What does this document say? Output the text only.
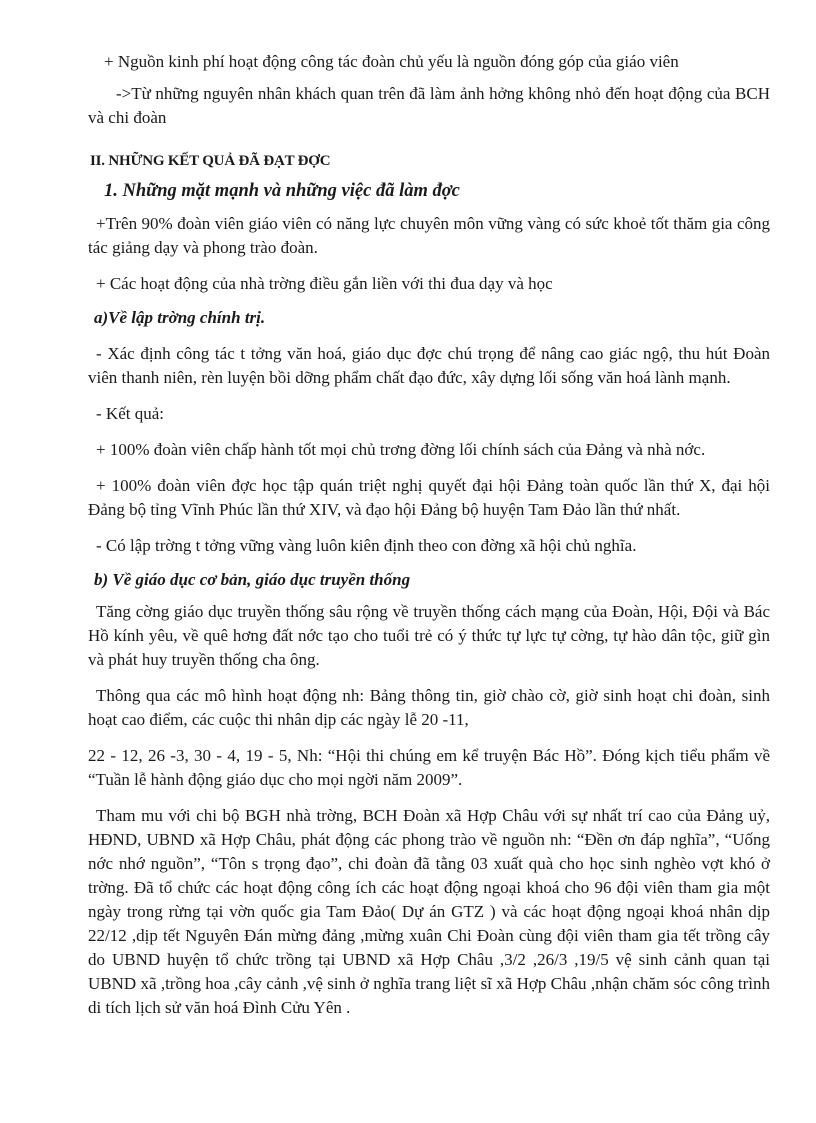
+ Nguồn kinh phí hoạt động công tác đoàn chủ yếu là nguồn đóng góp của giáo viên

->Từ những nguyên nhân khách quan trên đã làm ảnh hởng không nhỏ đến hoạt động của BCH và chi đoàn

II. NHỮNG KẾT QUẢ ĐÃ ĐẠT ĐỢC

1. Những mặt mạnh và những việc đã làm đợc

+Trên 90% đoàn viên giáo viên có năng lực chuyên môn vững vàng có sức khoẻ tốt thăm gia công tác giảng dạy và phong trào đoàn.

+ Các hoạt động của nhà trờng điều gắn liền với thi đua dạy và học

a)Về lập trờng chính trị.

- Xác định công tác t tởng văn hoá, giáo dục đợc chú trọng để nâng cao giác ngộ, thu hút Đoàn viên thanh niên, rèn luyện bồi dỡng phẩm chất đạo đức, xây dựng lối sống văn hoá lành mạnh.

- Kết quả:

+ 100% đoàn viên chấp hành tốt mọi chủ trơng đờng lối chính sách của Đảng và nhà nớc.

+ 100% đoàn viên đợc học tập quán triệt nghị quyết đại hội Đảng toàn quốc lần thứ X, đại hội Đảng bộ tỉng Vĩnh Phúc lần thứ XIV, và đạo hội Đảng bộ huyện Tam Đảo lần thứ nhất.

- Có lập trờng t tởng vững vàng luôn kiên định theo con đờng xã hội chủ nghĩa.

b) Về giáo dục cơ bản, giáo dục truyền thống

Tăng cờng giáo dục truyền thống sâu rộng về truyền thống cách mạng của Đoàn, Hội, Đội và Bác Hồ kính yêu, về quê hơng đất nớc tạo cho tuổi trẻ có ý thức tự lực tự cờng, tự hào dân tộc, giữ gìn và phát huy truyền thống cha ông.

Thông qua các mô hình hoạt động nh: Bảng thông tin, giờ chào cờ, giờ sinh hoạt chi đoàn, sinh hoạt cao điểm, các cuộc thi nhân dịp các ngày lễ 20 -11,

22 - 12, 26 -3, 30 - 4, 19 - 5, Nh: “Hội thi chúng em kể truyện Bác Hồ”. Đóng kịch tiểu phẩm về “Tuần lễ hành động giáo dục cho mọi ngời năm 2009”.

Tham mu với chi bộ BGH nhà trờng, BCH Đoàn xã Hợp Châu với sự nhất trí cao của Đảng uỷ, HĐND, UBND xã Hợp Châu, phát động các phong trào về nguồn nh: “Đền ơn đáp nghĩa”, “Uống nớc nhớ nguồn”, “Tôn s trọng đạo”, chi đoàn đã tằng 03 xuất quà cho học sinh nghèo vợt khó ở trờng. Đã tổ chức các hoạt động công ích các hoạt động ngoại khoá cho 96 đội viên tham gia một ngày trong rừng tại vờn quốc gia Tam Đảo( Dự án GTZ ) và các hoạt động ngoại khoá nhân dịp 22/12 ,dịp tết Nguyên Đán mừng đảng ,mừng xuân Chi Đoàn cùng đội viên tham gia tết trồng cây do UBND huyện tổ chức trồng tại UBND xã Hợp Châu ,3/2 ,26/3 ,19/5 vệ sinh cảnh quan tại UBND xã ,trồng hoa ,cây cảnh ,vệ sinh ở nghĩa trang liệt sĩ xã Hợp Châu ,nhận chăm sóc công trình di tích lịch sử văn hoá Đình Cửu Yên .
